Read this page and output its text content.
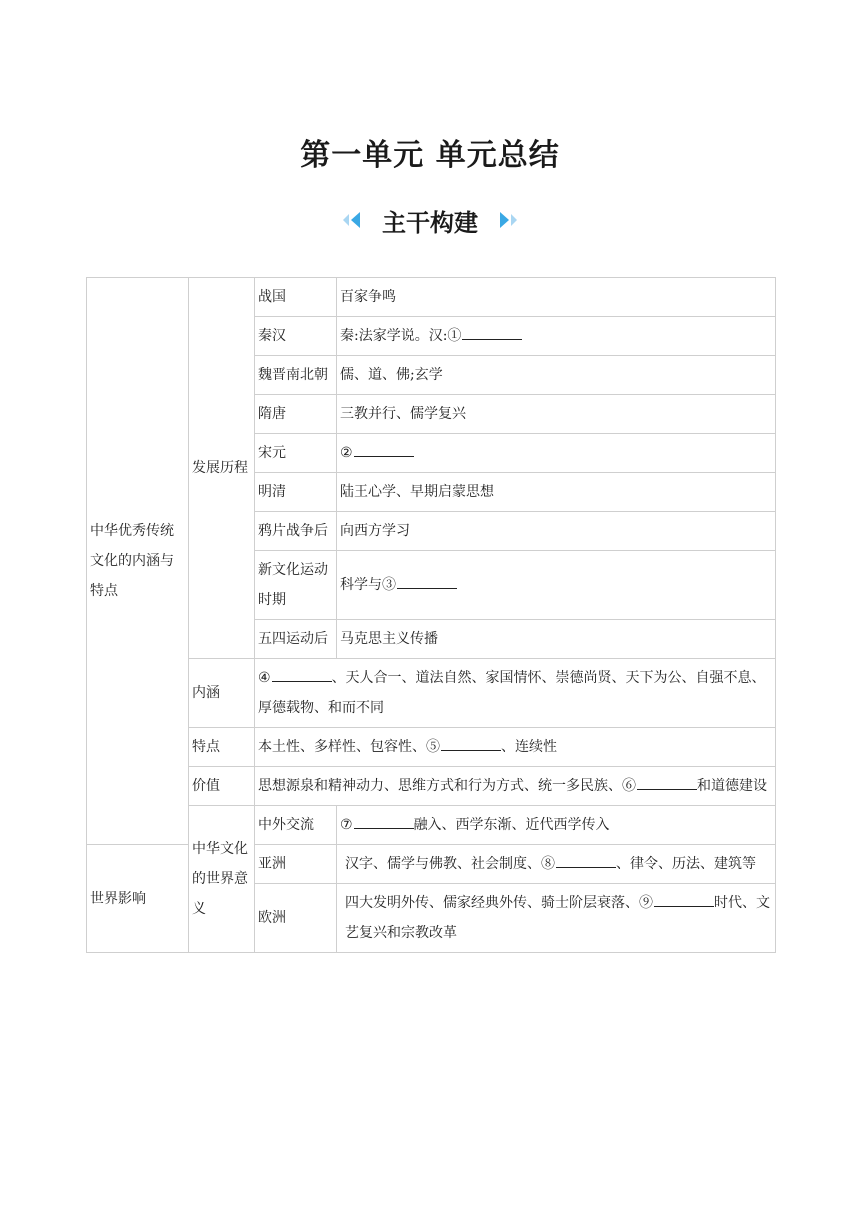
第一单元 单元总结
主干构建
中华优秀传统文化的内涵与特点	发展历程	战国	百家争鸣
		秦汉	秦:法家学说。汉:①
		魏晋南北朝	儒、道、佛;玄学
		隋唐	三教并行、儒学复兴
		宋元	②
		明清	陆王心学、早期启蒙思想
		鸦片战争后	向西方学习
		新文化运动时期	科学与③
		五四运动后	马克思主义传播
	内涵	④ 、天人合一、道法自然、家国情怀、崇德尚贤、天下为公、自强不息、厚德载物、和而不同	
	特点	本土性、多样性、包容性、⑤ 、连续性	
	价值	思想源泉和精神动力、思维方式和行为方式、统一多民族、⑥ 和道德建设	
	中华文化的世界意义	中外交流	⑦ 融入、西学东渐、近代西学传入
世界影响		亚洲	汉字、儒学与佛教、社会制度、⑧ 、律令、历法、建筑等
		欧洲	四大发明外传、儒家经典外传、骑士阶层衰落、⑨ 时代、文艺复兴和宗教改革
